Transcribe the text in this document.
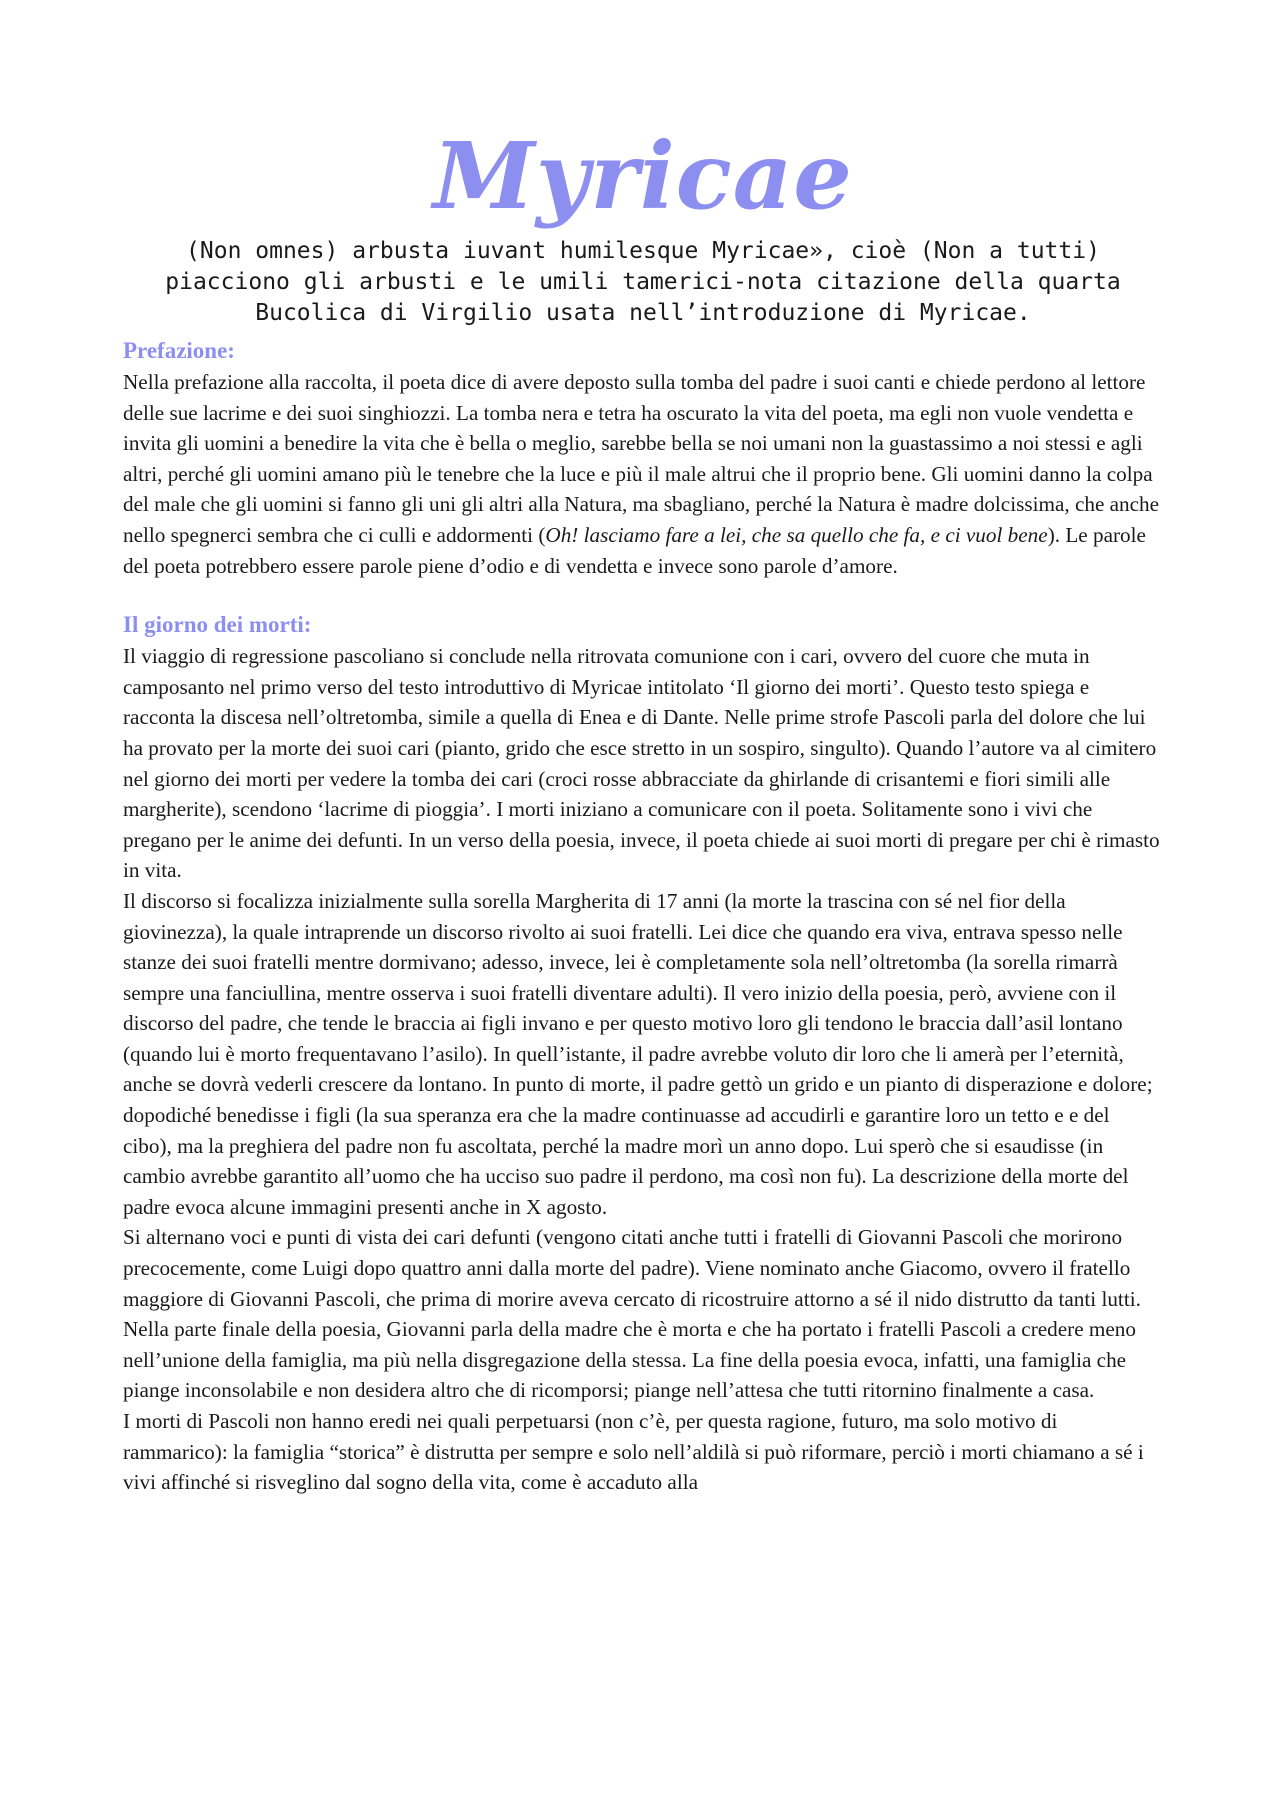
Myricae

(Non omnes) arbusta iuvant humilesque Myricae», cioè (Non a tutti) piacciono gli arbusti e le umili tamerici-nota citazione della quarta Bucolica di Virgilio usata nell’introduzione di Myricae.

Prefazione:

Nella prefazione alla raccolta, il poeta dice di avere deposto sulla tomba del padre i suoi canti e chiede perdono al lettore delle sue lacrime e dei suoi singhiozzi. La tomba nera e tetra ha oscurato la vita del poeta, ma egli non vuole vendetta e invita gli uomini a benedire la vita che è bella o meglio, sarebbe bella se noi umani non la guastassimo a noi stessi e agli altri, perché gli uomini amano più le tenebre che la luce e più il male altrui che il proprio bene. Gli uomini danno la colpa del male che gli uomini si fanno gli uni gli altri alla Natura, ma sbagliano, perché la Natura è madre dolcissima, che anche nello spegnerci sembra che ci culli e addormenti (Oh! lasciamo fare a lei, che sa quello che fa, e ci vuol bene). Le parole del poeta potrebbero essere parole piene d’odio e di vendetta e invece sono parole d’amore.

Il giorno dei morti:

Il viaggio di regressione pascoliano si conclude nella ritrovata comunione con i cari, ovvero del cuore che muta in camposanto nel primo verso del testo introduttivo di Myricae intitolato ‘Il giorno dei morti’. Questo testo spiega e racconta la discesa nell’oltretomba, simile a quella di Enea e di Dante. Nelle prime strofe Pascoli parla del dolore che lui ha provato per la morte dei suoi cari (pianto, grido che esce stretto in un sospiro, singulto). Quando l’autore va al cimitero nel giorno dei morti per vedere la tomba dei cari (croci rosse abbracciate da ghirlande di crisantemi e fiori simili alle margherite), scendono ‘lacrime di pioggia’. I morti iniziano a comunicare con il poeta. Solitamente sono i vivi che pregano per le anime dei defunti. In un verso della poesia, invece, il poeta chiede ai suoi morti di pregare per chi è rimasto in vita.

Il discorso si focalizza inizialmente sulla sorella Margherita di 17 anni (la morte la trascina con sé nel fior della giovinezza), la quale intraprende un discorso rivolto ai suoi fratelli. Lei dice che quando era viva, entrava spesso nelle stanze dei suoi fratelli mentre dormivano; adesso, invece, lei è completamente sola nell’oltretomba (la sorella rimarrà sempre una fanciullina, mentre osserva i suoi fratelli diventare adulti). Il vero inizio della poesia, però, avviene con il discorso del padre, che tende le braccia ai figli invano e per questo motivo loro gli tendono le braccia dall’asil lontano (quando lui è morto frequentavano l’asilo). In quell’istante, il padre avrebbe voluto dir loro che li amerà per l’eternità, anche se dovrà vederli crescere da lontano. In punto di morte, il padre gettò un grido e un pianto di disperazione e dolore; dopodiché benedisse i figli (la sua speranza era che la madre continuasse ad accudirli e garantire loro un tetto e e del cibo), ma la preghiera del padre non fu ascoltata, perché la madre morì un anno dopo. Lui sperò che si esaudisse (in cambio avrebbe garantito all’uomo che ha ucciso suo padre il perdono, ma così non fu). La descrizione della morte del padre evoca alcune immagini presenti anche in X agosto.

Si alternano voci e punti di vista dei cari defunti (vengono citati anche tutti i fratelli di Giovanni Pascoli che morirono precocemente, come Luigi dopo quattro anni dalla morte del padre). Viene nominato anche Giacomo, ovvero il fratello maggiore di Giovanni Pascoli, che prima di morire aveva cercato di ricostruire attorno a sé il nido distrutto da tanti lutti.

Nella parte finale della poesia, Giovanni parla della madre che è morta e che ha portato i fratelli Pascoli a credere meno nell’unione della famiglia, ma più nella disgregazione della stessa. La fine della poesia evoca, infatti, una famiglia che piange inconsolabile e non desidera altro che di ricomporsi; piange nell’attesa che tutti ritornino finalmente a casa.

I morti di Pascoli non hanno eredi nei quali perpetuarsi (non c’è, per questa ragione, futuro, ma solo motivo di rammarico): la famiglia “storica” è distrutta per sempre e solo nell’aldilà si può riformare, perciò i morti chiamano a sé i vivi affinché si risveglino dal sogno della vita, come è accaduto alla
